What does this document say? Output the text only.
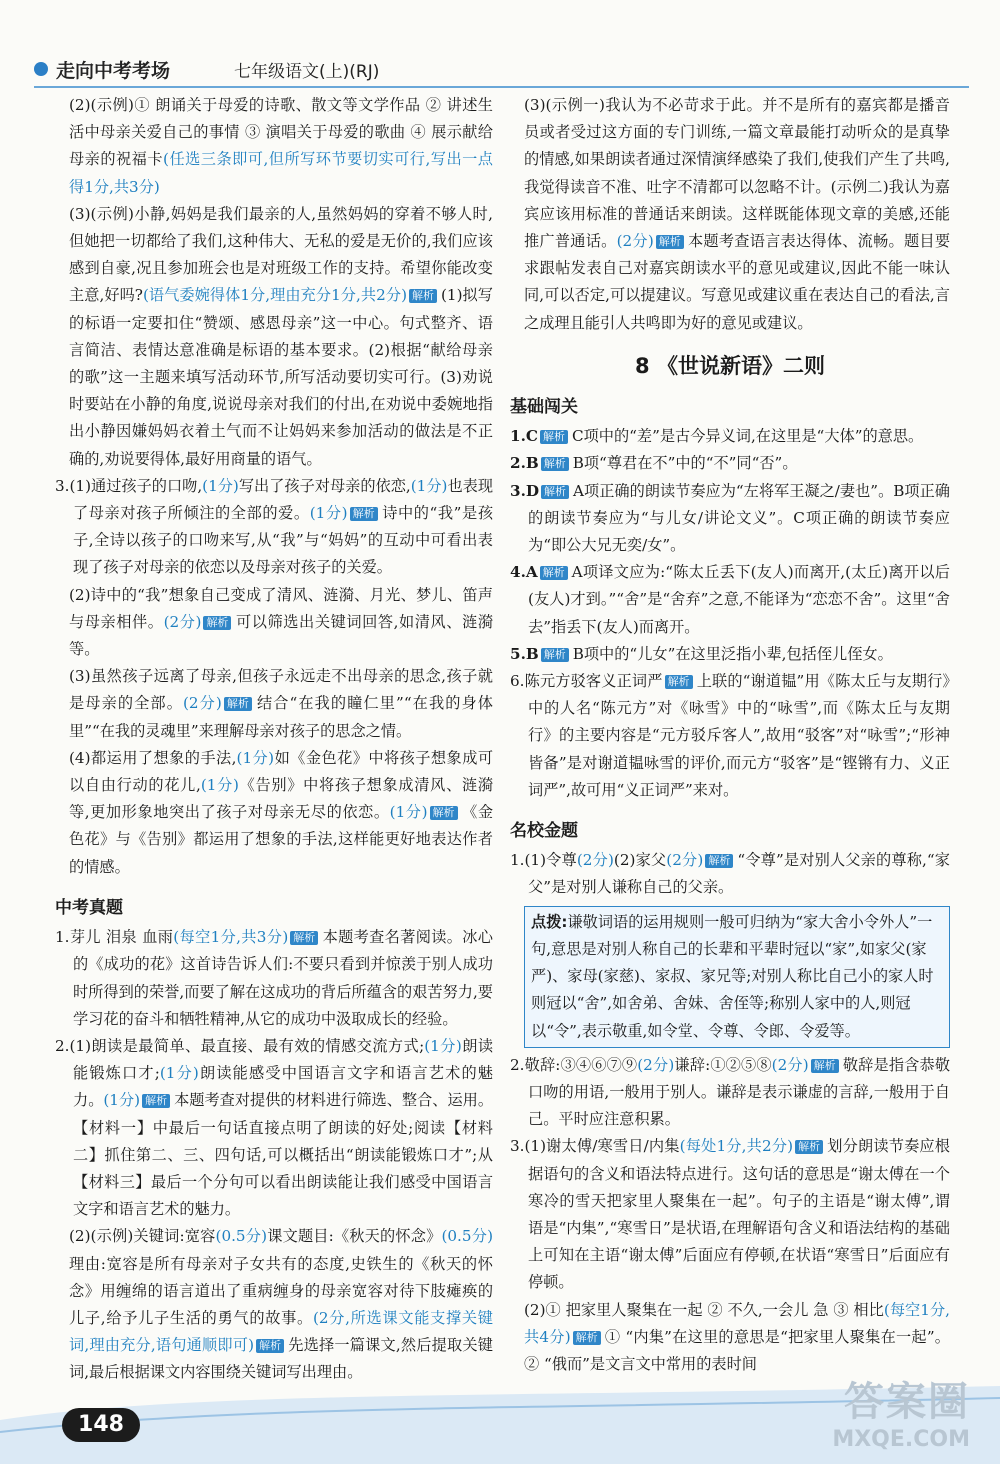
走向中考考场	七年级语文(上)(RJ)

(2)(示例)① 朗诵关于母爱的诗歌、散文等文学作品 ② 讲述生活中母亲关爱自己的事情 ③ 演唱关于母爱的歌曲 ④ 展示献给母亲的祝福卡(任选三条即可,但所写环节要切实可行,写出一点得1分,共3分)

(3)(示例)小静,妈妈是我们最亲的人,虽然妈妈的穿着不够人时,但她把一切都给了我们,这种伟大、无私的爱是无价的,我们应该感到自豪,况且参加班会也是对班级工作的支持。希望你能改变主意,好吗?(语气委婉得体1分,理由充分1分,共2分) 解析 (1)拟写的标语一定要扣住“赞颂、感恩母亲”这一中心。句式整齐、语言简洁、表情达意准确是标语的基本要求。(2)根据“献给母亲的歌”这一主题来填写活动环节,所写活动要切实可行。(3)劝说时要站在小静的角度,说说母亲对我们的付出,在劝说中委婉地指出小静因嫌妈妈衣着土气而不让妈妈来参加活动的做法是不正确的,劝说要得体,最好用商量的语气。

3.(1)通过孩子的口吻,(1分)写出了孩子对母亲的依恋,(1分)也表现了母亲对孩子所倾注的全部的爱。(1分) 解析 诗中的“我”是孩子,全诗以孩子的口吻来写,从“我”与“妈妈”的互动中可看出表现了孩子对母亲的依恋以及母亲对孩子的关爱。

(2)诗中的“我”想象自己变成了清风、涟漪、月光、梦儿、笛声与母亲相伴。(2分) 解析 可以筛选出关键词回答,如清风、涟漪等。

(3)虽然孩子远离了母亲,但孩子永远走不出母亲的思念,孩子就是母亲的全部。(2分) 解析 结合“在我的瞳仁里”“在我的身体里”“在我的灵魂里”来理解母亲对孩子的思念之情。

(4)都运用了想象的手法,(1分)如《金色花》中将孩子想象成可以自由行动的花儿,(1分)《告别》中将孩子想象成清风、涟漪等,更加形象地突出了孩子对母亲无尽的依恋。(1分) 解析 《金色花》与《告别》都运用了想象的手法,这样能更好地表达作者的情感。

中考真题

1.芽儿 泪泉 血雨(每空1分,共3分) 解析 本题考查名著阅读。冰心的《成功的花》这首诗告诉人们:不要只看到并惊羡于别人成功时所得到的荣誉,而要了解在这成功的背后所蕴含的艰苦努力,要学习花的奋斗和牺牲精神,从它的成功中汲取成长的经验。

2.(1)朗读是最简单、最直接、最有效的情感交流方式;(1分)朗读能锻炼口才;(1分)朗读能感受中国语言文字和语言艺术的魅力。(1分) 解析 本题考查对提供的材料进行筛选、整合、运用。【材料一】中最后一句话直接点明了朗读的好处;阅读【材料二】抓住第二、三、四句话,可以概括出“朗读能锻炼口才”;从【材料三】最后一个分句可以看出朗读能让我们感受中国语言文字和语言艺术的魅力。

(2)(示例)关键词:宽容(0.5分)课文题目:《秋天的怀念》(0.5分)理由:宽容是所有母亲对子女共有的态度,史铁生的《秋天的怀念》用缠绵的语言道出了重病缠身的母亲宽容对待下肢瘫痪的儿子,给予儿子生活的勇气的故事。(2分,所选课文能支撑关键词,理由充分,语句通顺即可) 解析 先选择一篇课文,然后提取关键词,最后根据课文内容围绕关键词写出理由。

(3)(示例一)我认为不必苛求于此。并不是所有的嘉宾都是播音员或者受过这方面的专门训练,一篇文章最能打动听众的是真挚的情感,如果朗读者通过深情演绎感染了我们,使我们产生了共鸣,我觉得读音不准、吐字不清都可以忽略不计。(示例二)我认为嘉宾应该用标准的普通话来朗读。这样既能体现文章的美感,还能推广普通话。(2分) 解析 本题考查语言表达得体、流畅。题目要求跟帖发表自己对嘉宾朗读水平的意见或建议,因此不能一味认同,可以否定,可以提建议。写意见或建议重在表达自己的看法,言之成理且能引人共鸣即为好的意见或建议。

8 《世说新语》二则
基础闯关

1.C 解析 C项中的“差”是古今异义词,在这里是“大体”的意思。

2.B 解析 B项“尊君在不”中的“不”同“否”。

3.D 解析 A项正确的朗读节奏应为“左将军王凝之/妻也”。B项正确的朗读节奏应为“与儿女/讲论文义”。C项正确的朗读节奏应为“即公大兄无奕/女”。

4.A 解析 A项译文应为:“陈太丘丢下(友人)而离开,(太丘)离开以后(友人)才到。”“舍”是“舍弃”之意,不能译为“恋恋不舍”。这里“舍去”指丢下(友人)而离开。

5.B 解析 B项中的“儿女”在这里泛指小辈,包括侄儿侄女。

6.陈元方驳客义正词严 解析 上联的“谢道韫”用《陈太丘与友期行》中的人名“陈元方”对《咏雪》中的“咏雪”,而《陈太丘与友期行》的主要内容是“元方驳斥客人”,故用“驳客”对“咏雪”;“形神皆备”是对谢道韫咏雪的评价,而元方“驳客”是“铿锵有力、义正词严”,故可用“义正词严”来对。

名校金题

1.(1)令尊(2分)(2)家父(2分) 解析 “令尊”是对别人父亲的尊称,“家父”是对别人谦称自己的父亲。

点拨:谦敬词语的运用规则一般可归纳为“家大舍小令外人”一句,意思是对别人称自己的长辈和平辈时冠以“家”,如家父(家严)、家母(家慈)、家叔、家兄等;对别人称比自己小的家人时则冠以“舍”,如舍弟、舍妹、舍侄等;称别人家中的人,则冠以“令”,表示敬重,如令堂、令尊、令郎、令爱等。

2.敬辞:③④⑥⑦⑨(2分)谦辞:①②⑤⑧(2分) 解析 敬辞是指含恭敬口吻的用语,一般用于别人。谦辞是表示谦虚的言辞,一般用于自己。平时应注意积累。

3.(1)谢太傅/寒雪日/内集(每处1分,共2分) 解析 划分朗读节奏应根据语句的含义和语法特点进行。这句话的意思是“谢太傅在一个寒冷的雪天把家里人聚集在一起”。句子的主语是“谢太傅”,谓语是“内集”,“寒雪日”是状语,在理解语句含义和语法结构的基础上可知在主语“谢太傅”后面应有停顿,在状语“寒雪日”后面应有停顿。

(2)① 把家里人聚集在一起 ② 不久,一会儿 急 ③ 相比(每空1分,共4分) 解析 ① “内集”在这里的意思是“把家里人聚集在一起”。② “俄而”是文言文中常用的表时间

148	答案圈
MXQE.COM
